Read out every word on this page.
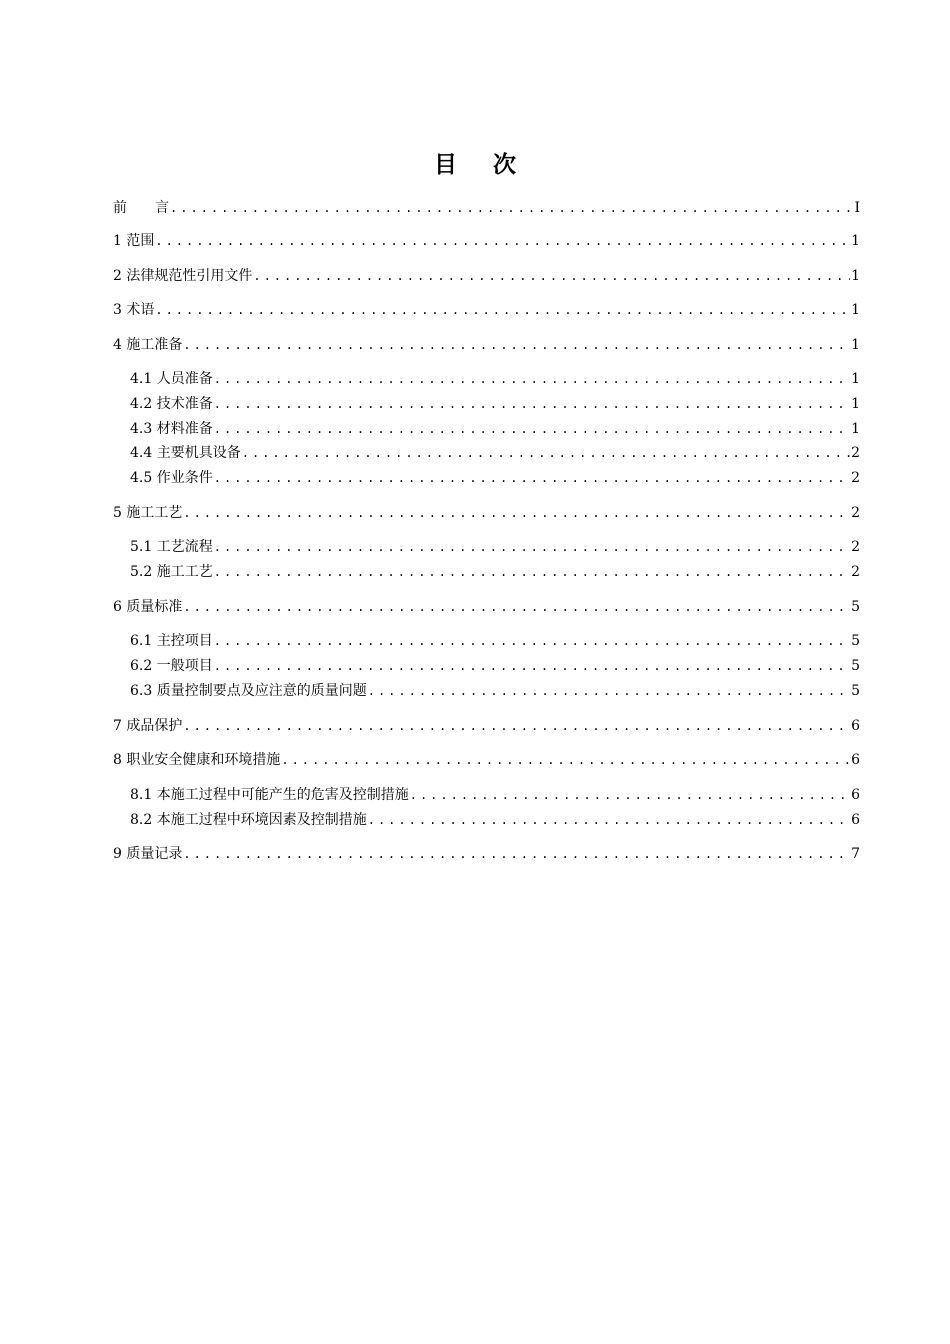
目 次
前　　言 .....	I
1 范围 .....	1
2 法律规范性引用文件 .....	1
3 术语 .....	1
4 施工准备 .....	1
4.1 人员准备 .....	1
4.2 技术准备 .....	1
4.3 材料准备 .....	1
4.4 主要机具设备 .....	2
4.5 作业条件 .....	2
5 施工工艺 .....	2
5.1 工艺流程 .....	2
5.2 施工工艺 .....	2
6 质量标准 .....	5
6.1 主控项目 .....	5
6.2 一般项目 .....	5
6.3 质量控制要点及应注意的质量问题 .....	5
7 成品保护 .....	6
8 职业安全健康和环境措施 .....	6
8.1 本施工过程中可能产生的危害及控制措施 .....	6
8.2 本施工过程中环境因素及控制措施 .....	6
9 质量记录 .....	7
